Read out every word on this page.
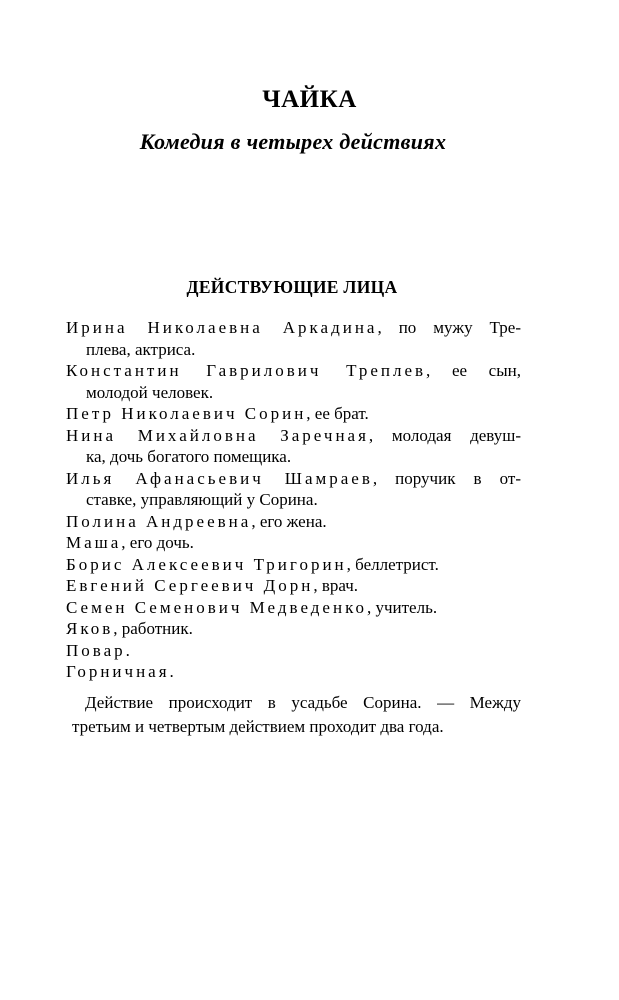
ЧАЙКА
Комедия в четырех действиях
ДЕЙСТВУЮЩИЕ ЛИЦА
Ирина Николаевна Аркадина, по мужу Тре-
плева, актриса.
Константин Гаврилович Треплев, ее сын,
молодой человек.
Петр Николаевич Сорин, ее брат.
Нина Михайловна Заречная, молодая девуш-
ка, дочь богатого помещика.
Илья Афанасьевич Шамраев, поручик в от-
ставке, управляющий у Сорина.
Полина Андреевна, его жена.
Маша, его дочь.
Борис Алексеевич Тригорин, беллетрист.
Евгений Сергеевич Дорн, врач.
Семен Семенович Медведенко, учитель.
Яков, работник.
Повар.
Горничная.

Действие происходит в усадьбе Сорина. — Между
третьим и четвертым действием проходит два года.
